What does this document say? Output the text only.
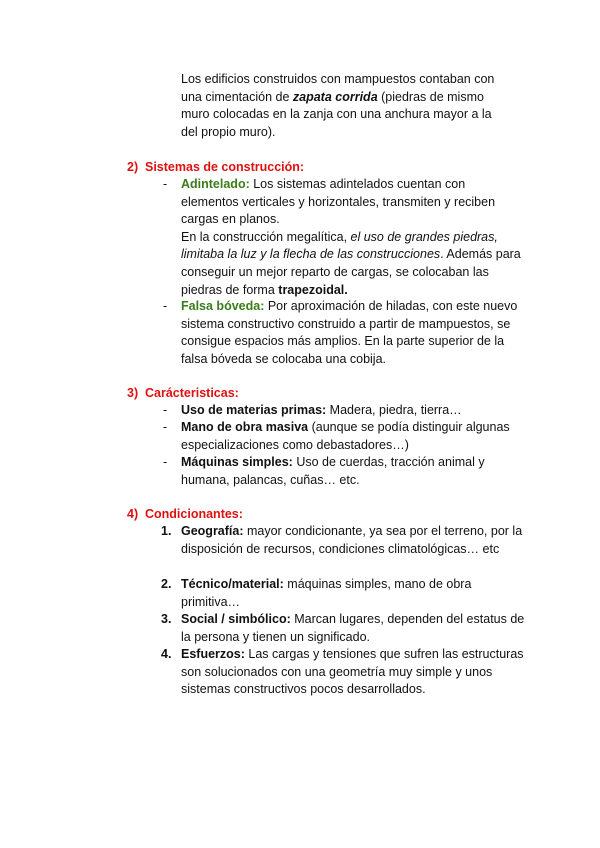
Los edificios construidos con mampuestos contaban con una cimentación de zapata corrida (piedras de mismo muro colocadas en la zanja con una anchura mayor a la del propio muro).

2) Sistemas de construcción:

-	Adintelado: Los sistemas adintelados cuentan con elementos verticales y horizontales, transmiten y reciben cargas en planos.
En la construcción megalítica, el uso de grandes piedras, limitaba la luz y la flecha de las construcciones. Además para conseguir un mejor reparto de cargas, se colocaban las piedras de forma trapezoidal.
-	Falsa bóveda: Por aproximación de hiladas, con este nuevo sistema constructivo construido a partir de mampuestos, se consigue espacios más amplios. En la parte superior de la falsa bóveda se colocaba una cobija.

3) Carácteristicas:

-	Uso de materias primas: Madera, piedra, tierra…
-	Mano de obra masiva (aunque se podía distinguir algunas especializaciones como debastadores…)
-	Máquinas simples: Uso de cuerdas, tracción animal y humana, palancas, cuñas… etc.

4) Condicionantes:

1. Geografía: mayor condicionante, ya sea por el terreno, por la disposición de recursos, condiciones climatológicas… etc
2. Técnico/material: máquinas simples, mano de obra primitiva…
3. Social / simbólico: Marcan lugares, dependen del estatus de la persona y tienen un significado.
4. Esfuerzos: Las cargas y tensiones que sufren las estructuras son solucionados con una geometría muy simple y unos sistemas constructivos pocos desarrollados.
